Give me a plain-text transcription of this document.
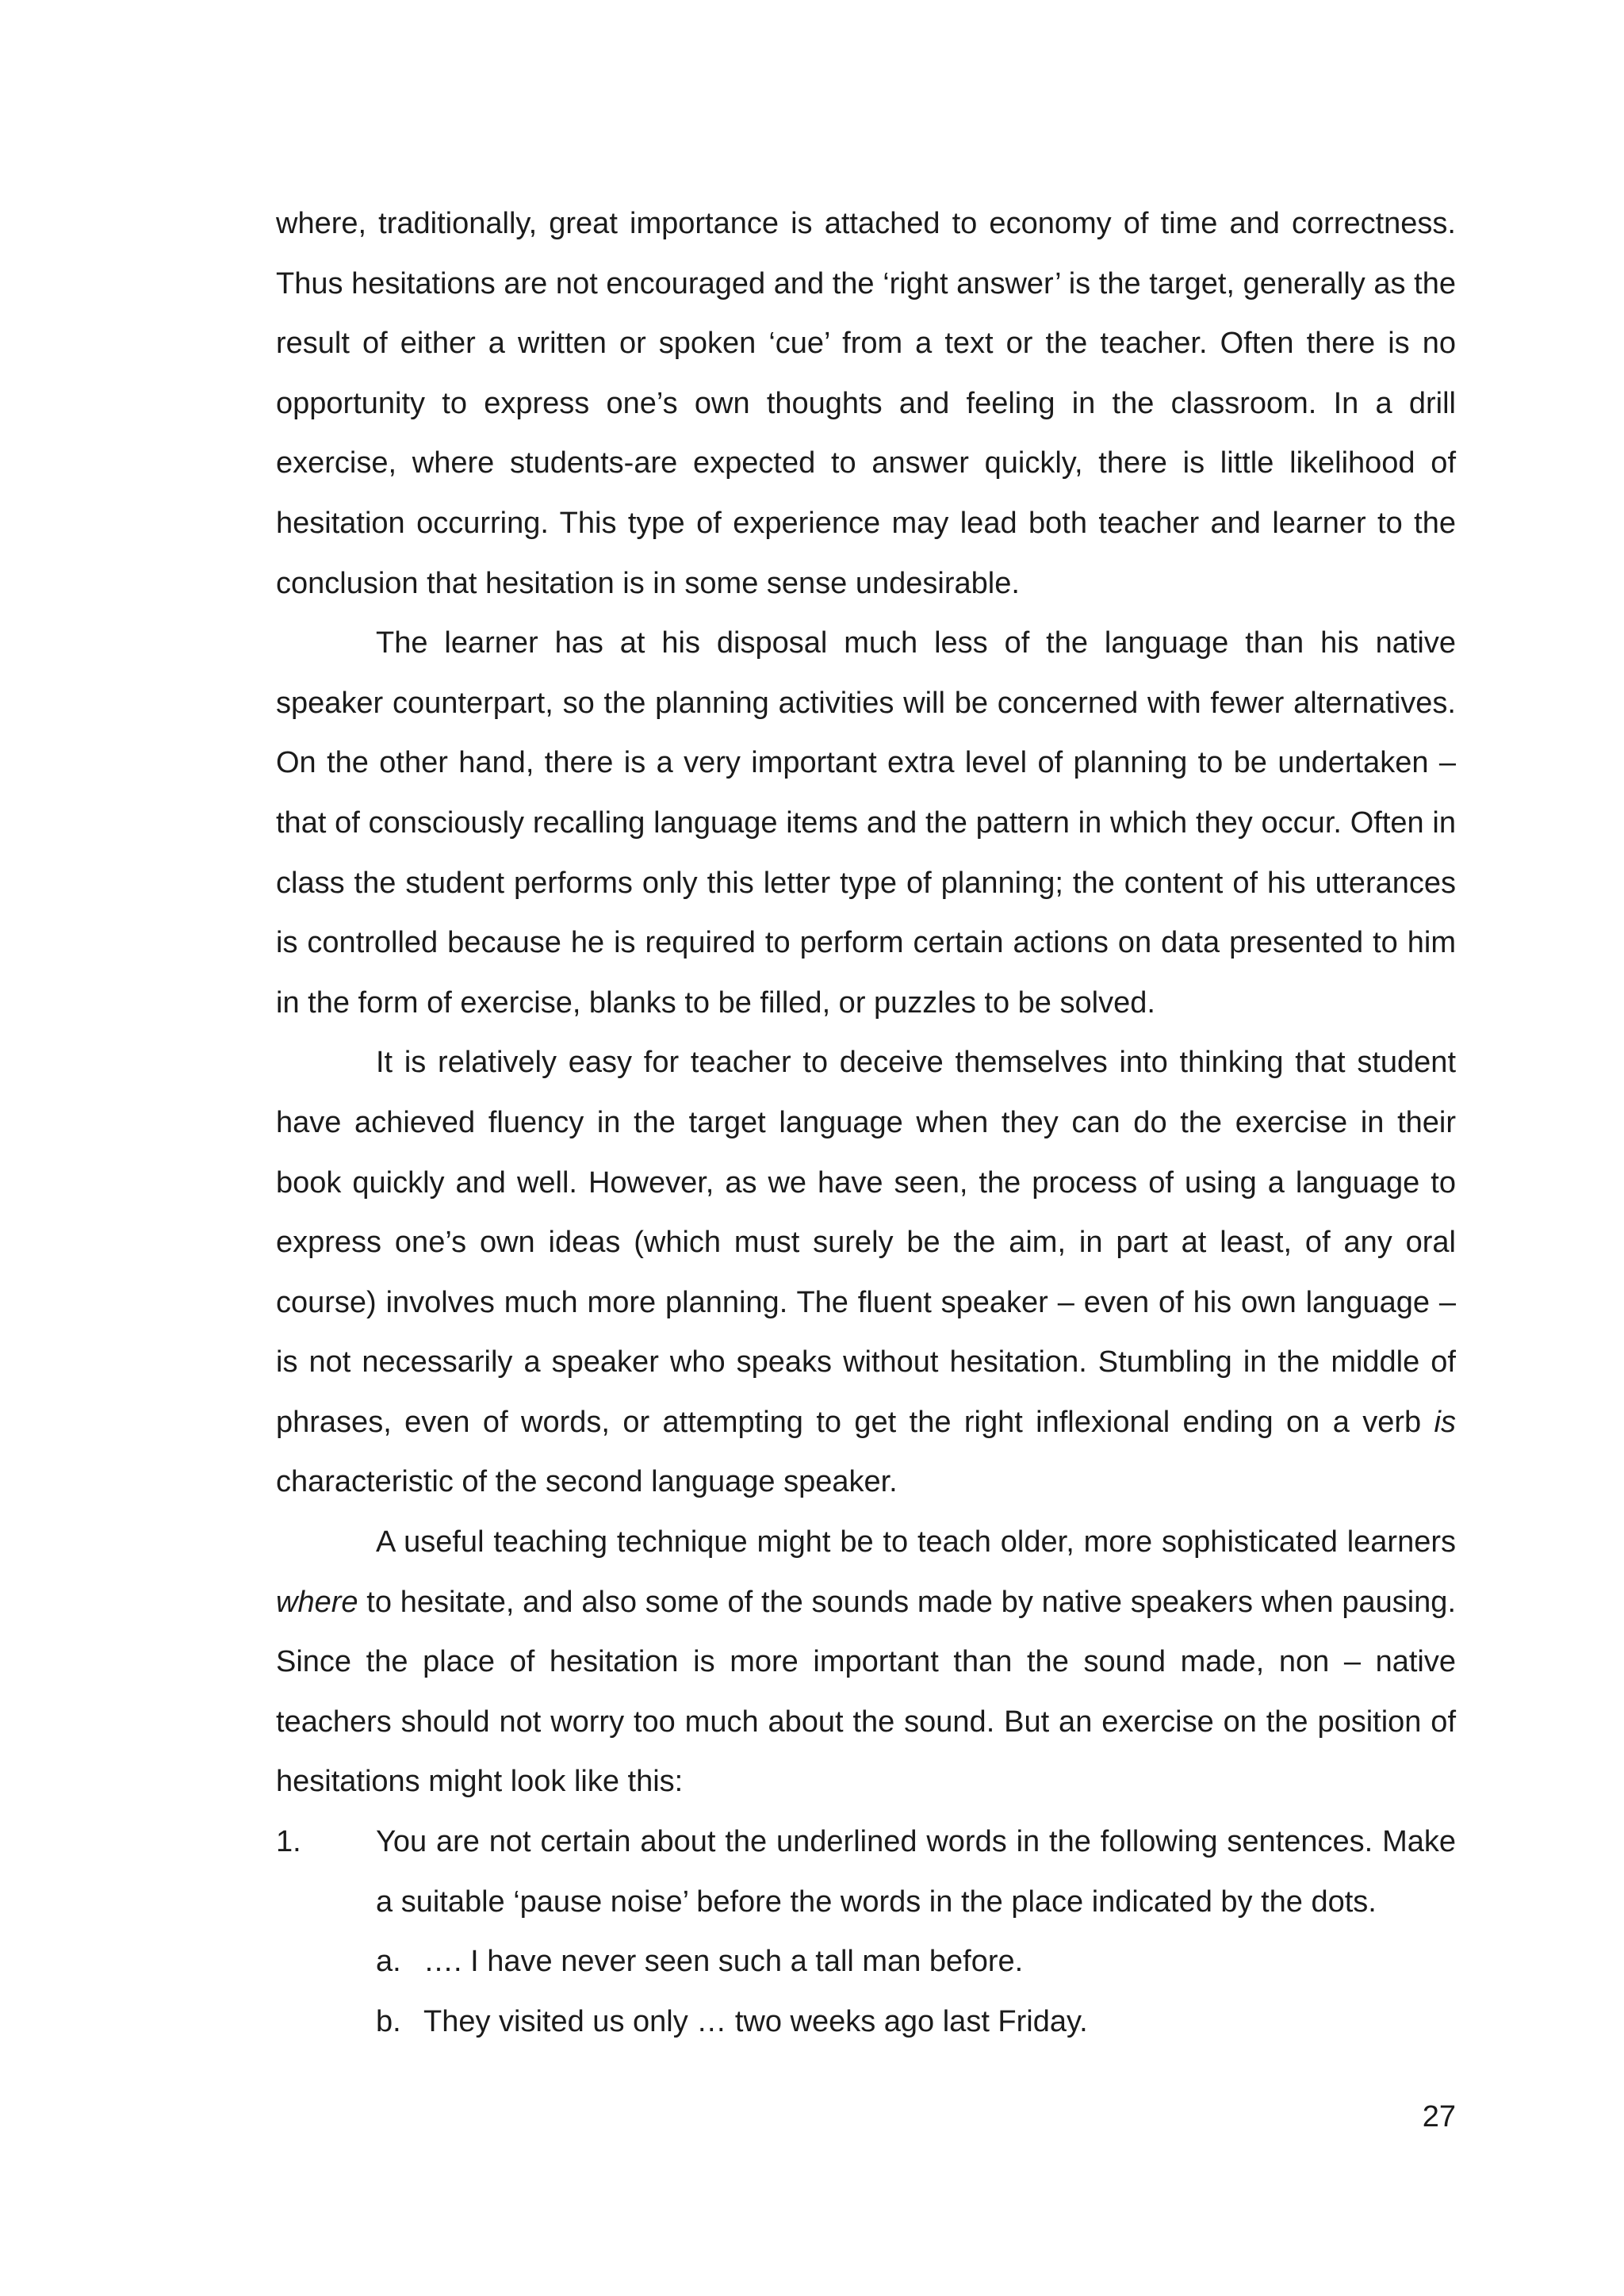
where, traditionally, great importance is attached to economy of time and correctness. Thus hesitations are not encouraged and the ‘right answer’ is the target, generally as the result of either a written or spoken ‘cue’ from a text or the teacher. Often there is no opportunity to express one’s own thoughts and feeling in the classroom. In a drill exercise, where students-are expected to answer quickly, there is little likelihood of hesitation occurring. This type of experience may lead both teacher and learner to the conclusion that hesitation is in some sense undesirable.

The learner has at his disposal much less of the language than his native speaker counterpart, so the planning activities will be concerned with fewer alternatives. On the other hand, there is a very important extra level of planning to be undertaken – that of consciously recalling language items and the pattern in which they occur. Often in class the student performs only this letter type of planning; the content of his utterances is controlled because he is required to perform certain actions on data presented to him in the form of exercise, blanks to be filled, or puzzles to be solved.

It is relatively easy for teacher to deceive themselves into thinking that student have achieved fluency in the target language when they can do the exercise in their book quickly and well. However, as we have seen, the process of using a language to express one’s own ideas (which must surely be the aim, in part at least, of any oral course) involves much more planning. The fluent speaker – even of his own language – is not necessarily a speaker who speaks without hesitation. Stumbling in the middle of phrases, even of words, or attempting to get the right inflexional ending on a verb is characteristic of the second language speaker.

A useful teaching technique might be to teach older, more sophisticated learners where to hesitate, and also some of the sounds made by native speakers when pausing. Since the place of hesitation is more important than the sound made, non – native teachers should not worry too much about the sound. But an exercise on the position of hesitations might look like this:

1.	You are not certain about the underlined words in the following sentences. Make a suitable ‘pause noise’ before the words in the place indicated by the dots.
a. …. I have never seen such a tall man before.
b. They visited us only … two weeks ago last Friday.
27
